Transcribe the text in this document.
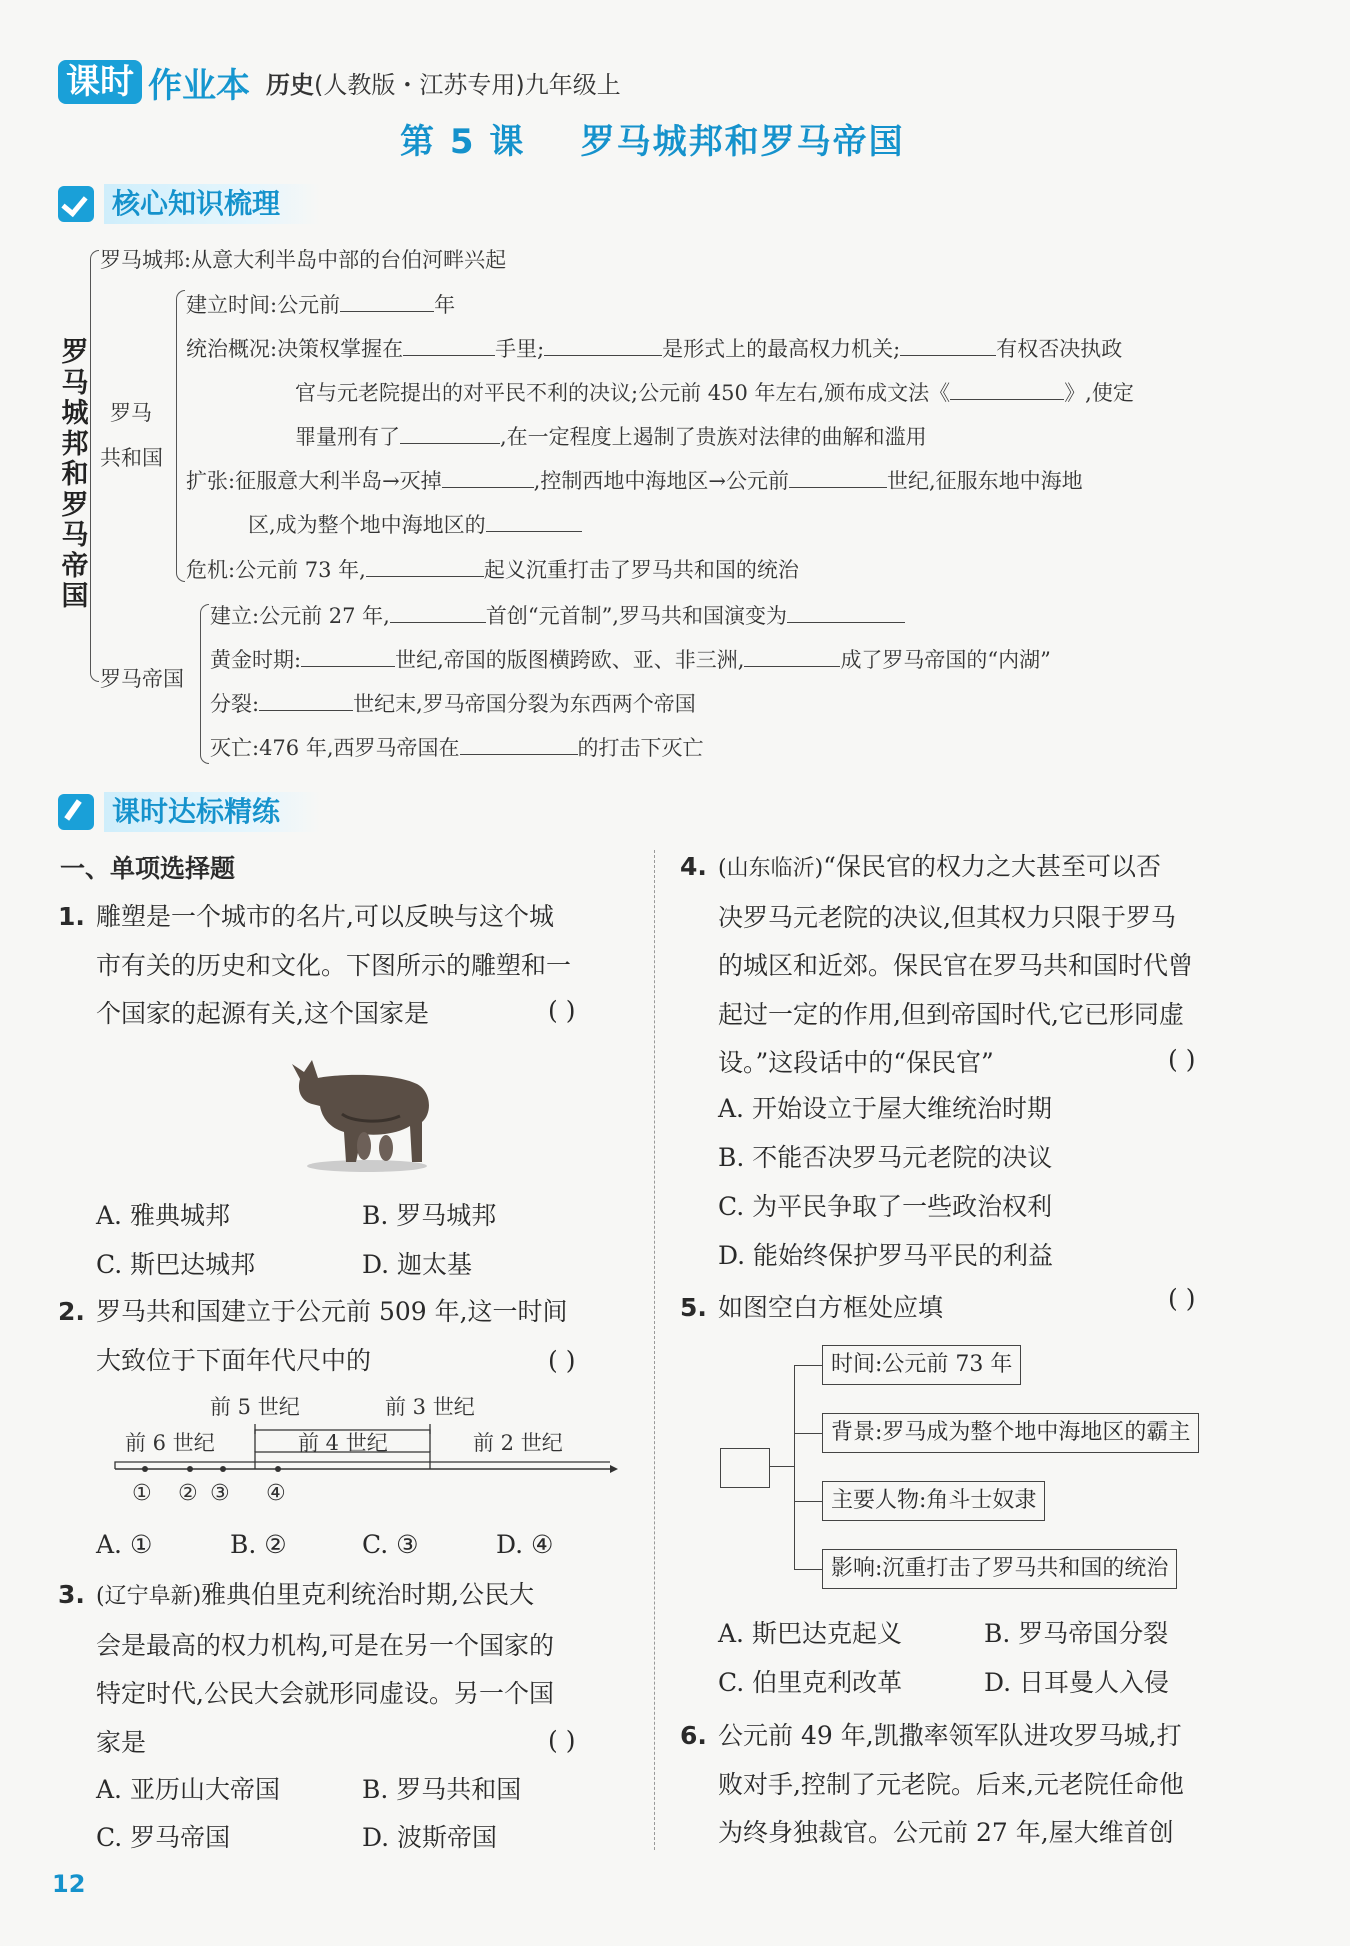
课时 作业本 历史(人教版・江苏专用)九年级上
第 5 课    罗马城邦和罗马帝国
核心知识梳理
罗
马
城
邦
和
罗
马
帝
国
罗马城邦:从意大利半岛中部的台伯河畔兴起
罗马
共和国
建立时间:公元前	年
统治概况:决策权掌握在	手里;	是形式上的最高权力机关;	有权否决执政
官与元老院提出的对平民不利的决议;公元前 450 年左右,颁布成文法《	》,使定
罪量刑有了	,在一定程度上遏制了贵族对法律的曲解和滥用
扩张:征服意大利半岛→灭掉	,控制西地中海地区→公元前	世纪,征服东地中海地
区,成为整个地中海地区的
危机:公元前 73 年,	起义沉重打击了罗马共和国的统治
罗马帝国
建立:公元前 27 年,	首创“元首制”,罗马共和国演变为
黄金时期:	世纪,帝国的版图横跨欧、亚、非三洲,	成了罗马帝国的“内湖”
分裂:	世纪末,罗马帝国分裂为东西两个帝国
灭亡:476 年,西罗马帝国在	的打击下灭亡
课时达标精练
一、单项选择题
1. 雕塑是一个城市的名片,可以反映与这个城
市有关的历史和文化。下图所示的雕塑和一
个国家的起源有关,这个国家是	( )
A. 雅典城邦	B. 罗马城邦
C. 斯巴达城邦	D. 迦太基
2. 罗马共和国建立于公元前 509 年,这一时间
大致位于下面年代尺中的	( )
前 5 世纪	前 3 世纪
前 6 世纪	前 4 世纪	前 2 世纪
① ② ③ ④
A. ①	B. ②	C. ③	D. ④
3. (辽宁阜新)雅典伯里克利统治时期,公民大
会是最高的权力机构,可是在另一个国家的
特定时代,公民大会就形同虚设。另一个国
家是	( )
A. 亚历山大帝国	B. 罗马共和国
C. 罗马帝国	D. 波斯帝国
4. (山东临沂)“保民官的权力之大甚至可以否
决罗马元老院的决议,但其权力只限于罗马
的城区和近郊。保民官在罗马共和国时代曾
起过一定的作用,但到帝国时代,它已形同虚
设。”这段话中的“保民官”	( )
A. 开始设立于屋大维统治时期
B. 不能否决罗马元老院的决议
C. 为平民争取了一些政治权利
D. 能始终保护罗马平民的利益
5. 如图空白方框处应填	( )
时间:公元前 73 年
背景:罗马成为整个地中海地区的霸主
主要人物:角斗士奴隶
影响:沉重打击了罗马共和国的统治
A. 斯巴达克起义	B. 罗马帝国分裂
C. 伯里克利改革	D. 日耳曼人入侵
6. 公元前 49 年,凯撒率领军队进攻罗马城,打
败对手,控制了元老院。后来,元老院任命他
为终身独裁官。公元前 27 年,屋大维首创
12
